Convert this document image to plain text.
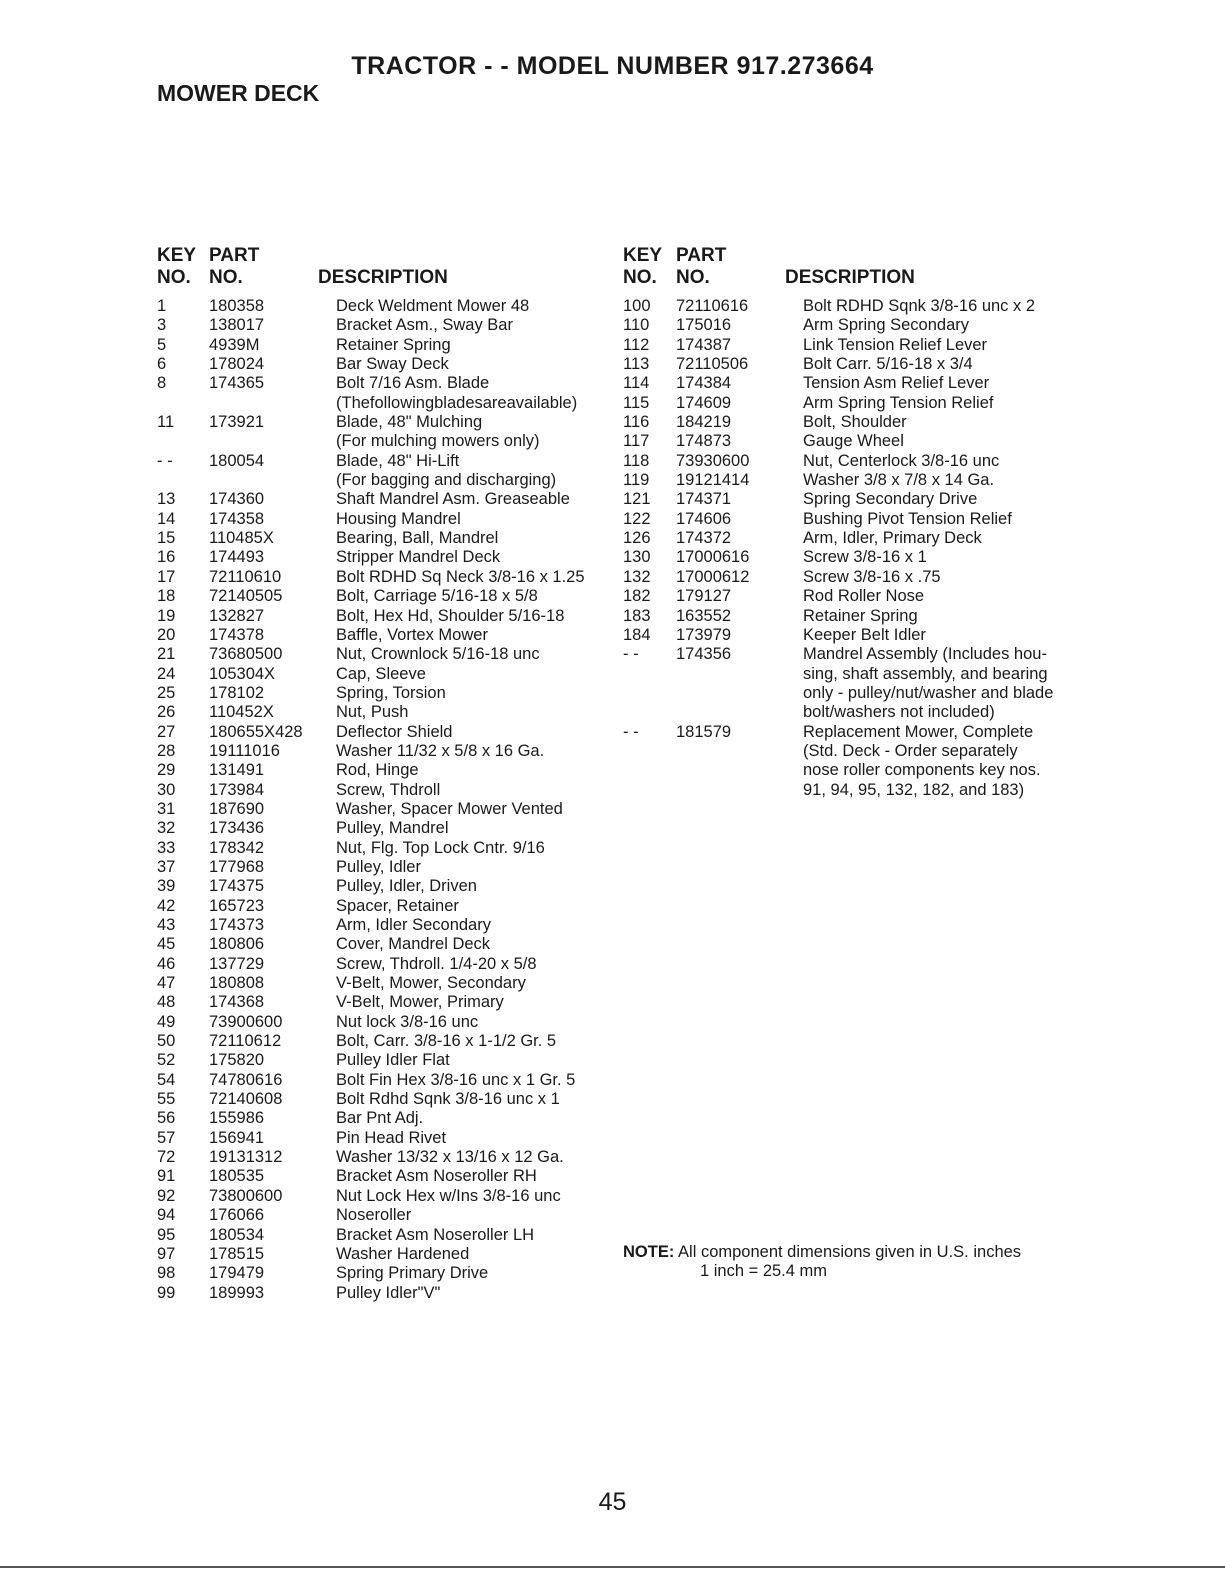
TRACTOR - - MODEL NUMBER 917.273664
MOWER DECK
KEY
NO.
PART
NO.	DESCRIPTION
KEY
NO.
PART
NO.	DESCRIPTION
1	180358	Deck Weldment Mower 48
3	138017	Bracket Asm., Sway Bar
5	4939M	Retainer Spring
6	178024	Bar Sway Deck
8	174365	Bolt 7/16 Asm. Blade
(Thefollowingbladesareavailable)
11 173921	Blade, 48" Mulching
(For mulching mowers only)
- - 180054	Blade, 48" Hi-Lift
(For bagging and discharging)
13 174360	Shaft Mandrel Asm. Greaseable
14 174358	Housing Mandrel
15 110485X	Bearing, Ball, Mandrel
16 174493	Stripper Mandrel Deck
17 72110610	Bolt RDHD Sq Neck 3/8-16 x 1.25
18 72140505	Bolt, Carriage 5/16-18 x 5/8
19 132827	Bolt, Hex Hd, Shoulder 5/16-18
20 174378	Baffle, Vortex Mower
21 73680500	Nut, Crownlock 5/16-18 unc
24 105304X	Cap, Sleeve
25 178102	Spring, Torsion
26 110452X	Nut, Push
27 180655X428 Deflector Shield
28 19111016	Washer 11/32 x 5/8 x 16 Ga.
29 131491	Rod, Hinge
30 173984	Screw, Thdroll
31 187690	Washer, Spacer Mower Vented
32 173436	Pulley, Mandrel
33 178342	Nut, Flg. Top Lock Cntr. 9/16
37 177968	Pulley, Idler
39 174375	Pulley, Idler, Driven
42 165723	Spacer, Retainer
43 174373	Arm, Idler Secondary
45 180806	Cover, Mandrel Deck
46 137729	Screw, Thdroll. 1/4-20 x 5/8
47 180808	V-Belt, Mower, Secondary
48 174368	V-Belt, Mower, Primary
49 73900600	Nut lock 3/8-16 unc
50 72110612	Bolt, Carr. 3/8-16 x 1-1/2 Gr. 5
52 175820	Pulley Idler Flat
54 74780616	Bolt Fin Hex 3/8-16 unc x 1 Gr. 5
55 72140608	Bolt Rdhd Sqnk 3/8-16 unc x 1
56 155986	Bar Pnt Adj.
57 156941	Pin Head Rivet
72 19131312	Washer 13/32 x 13/16 x 12 Ga.
91 180535	Bracket Asm Noseroller RH
92 73800600	Nut Lock Hex w/Ins 3/8-16 unc
94 176066	Noseroller
95 180534	Bracket Asm Noseroller LH
97 178515	Washer Hardened
98 179479	Spring Primary Drive
99 189993	Pulley Idler"V"
100 72110616	Bolt RDHD Sqnk 3/8-16 unc x 2
110 175016	Arm Spring Secondary
112 174387	Link Tension Relief Lever
113 72110506	Bolt Carr. 5/16-18 x 3/4
114 174384	Tension Asm Relief Lever
115 174609	Arm Spring Tension Relief
116 184219	Bolt, Shoulder
117 174873	Gauge Wheel
118 73930600	Nut, Centerlock 3/8-16 unc
119 19121414	Washer 3/8 x 7/8 x 14 Ga.
121 174371	Spring Secondary Drive
122 174606	Bushing Pivot Tension Relief
126 174372	Arm, Idler, Primary Deck
130 17000616	Screw 3/8-16 x 1
132 17000612	Screw 3/8-16 x .75
182 179127	Rod Roller Nose
183 163552	Retainer Spring
184 173979	Keeper Belt Idler
- - 174356	Mandrel Assembly (Includes hou-
sing, shaft assembly, and bearing
only - pulley/nut/washer and blade
bolt/washers not included)
- - 181579	Replacement Mower, Complete
(Std. Deck - Order separately
nose roller components key nos.
91, 94, 95, 132, 182, and 183)
NOTE: All component dimensions given in U.S. inches
1 inch = 25.4 mm
45
